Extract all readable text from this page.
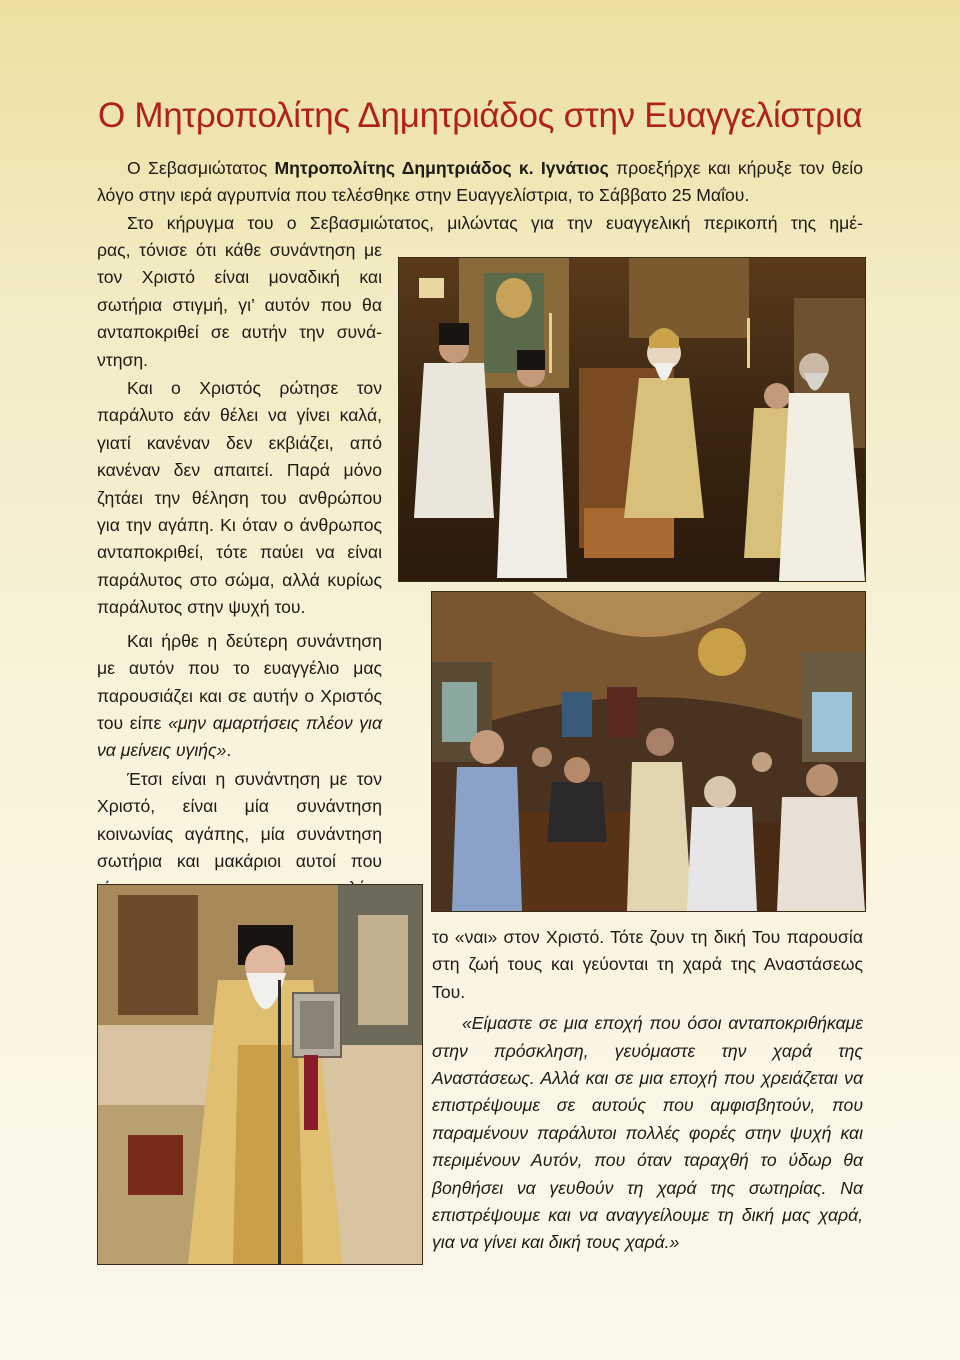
Ο Μητροπολίτης Δημητριάδος στην Ευαγγελίστρια

Ο Σεβασμιώτατος Μητροπολίτης Δημητριάδος κ. Ιγνάτιος προεξήρχε και κήρυξε τον θείο λόγο στην ιερά αγρυπνία που τελέσθηκε στην Ευαγγελίστρια, το Σάββατο 25 Μαΐου.

Στο κήρυγμα του ο Σεβασμιώτατος, μιλώντας για την ευαγγελική περικοπή της ημέ-

ρας, τόνισε ότι κάθε συνάντηση με τον Χριστό είναι μοναδική και σωτήρια στιγμή, γι’ αυτόν που θα ανταποκριθεί σε αυτήν την συνά-ντηση.

Και ο Χριστός ρώτησε τον παράλυτο εάν θέλει να γίνει καλά, γιατί κανέναν δεν εκβιάζει, από κανέναν δεν απαιτεί. Παρά μόνο ζητάει την θέληση του ανθρώπου για την αγάπη. Κι όταν ο άνθρωπος ανταποκριθεί, τότε παύει να είναι παράλυτος στο σώμα, αλλά κυρίως παράλυτος στην ψυχή του.

Και ήρθε η δεύτερη συνάντηση με αυτόν που το ευαγγέλιο μας παρουσιάζει και σε αυτήν ο Χριστός του είπε «μην αμαρτήσεις πλέον για να μείνεις υγιής».

Έτσι είναι η συνάντηση με τον Χριστό, είναι μία συνάντηση κοινωνίας αγάπης, μία συνάντηση σωτήρια και μακάριοι αυτοί που

το «ναι» στον Χριστό. Τότε ζουν τη δική Του παρουσία στη ζωή τους και γεύονται τη χαρά της Αναστάσεως Του.

«Είμαστε σε μια εποχή που όσοι ανταποκριθήκαμε στην πρόσκληση, γευόμαστε την χαρά της Αναστάσεως. Αλλά και σε μια εποχή που χρειάζεται να επιστρέψουμε σε αυτούς που αμφισβητούν, που παραμένουν παράλυτοι πολλές φορές στην ψυχή και περιμένουν Αυτόν, που όταν ταραχθή το ύδωρ θα βοηθήσει να γευθούν τη χαρά της σωτηρίας. Να επιστρέψουμε και να αναγγείλουμε τη δική μας χαρά, για να γίνει και δική τους χαρά.»
